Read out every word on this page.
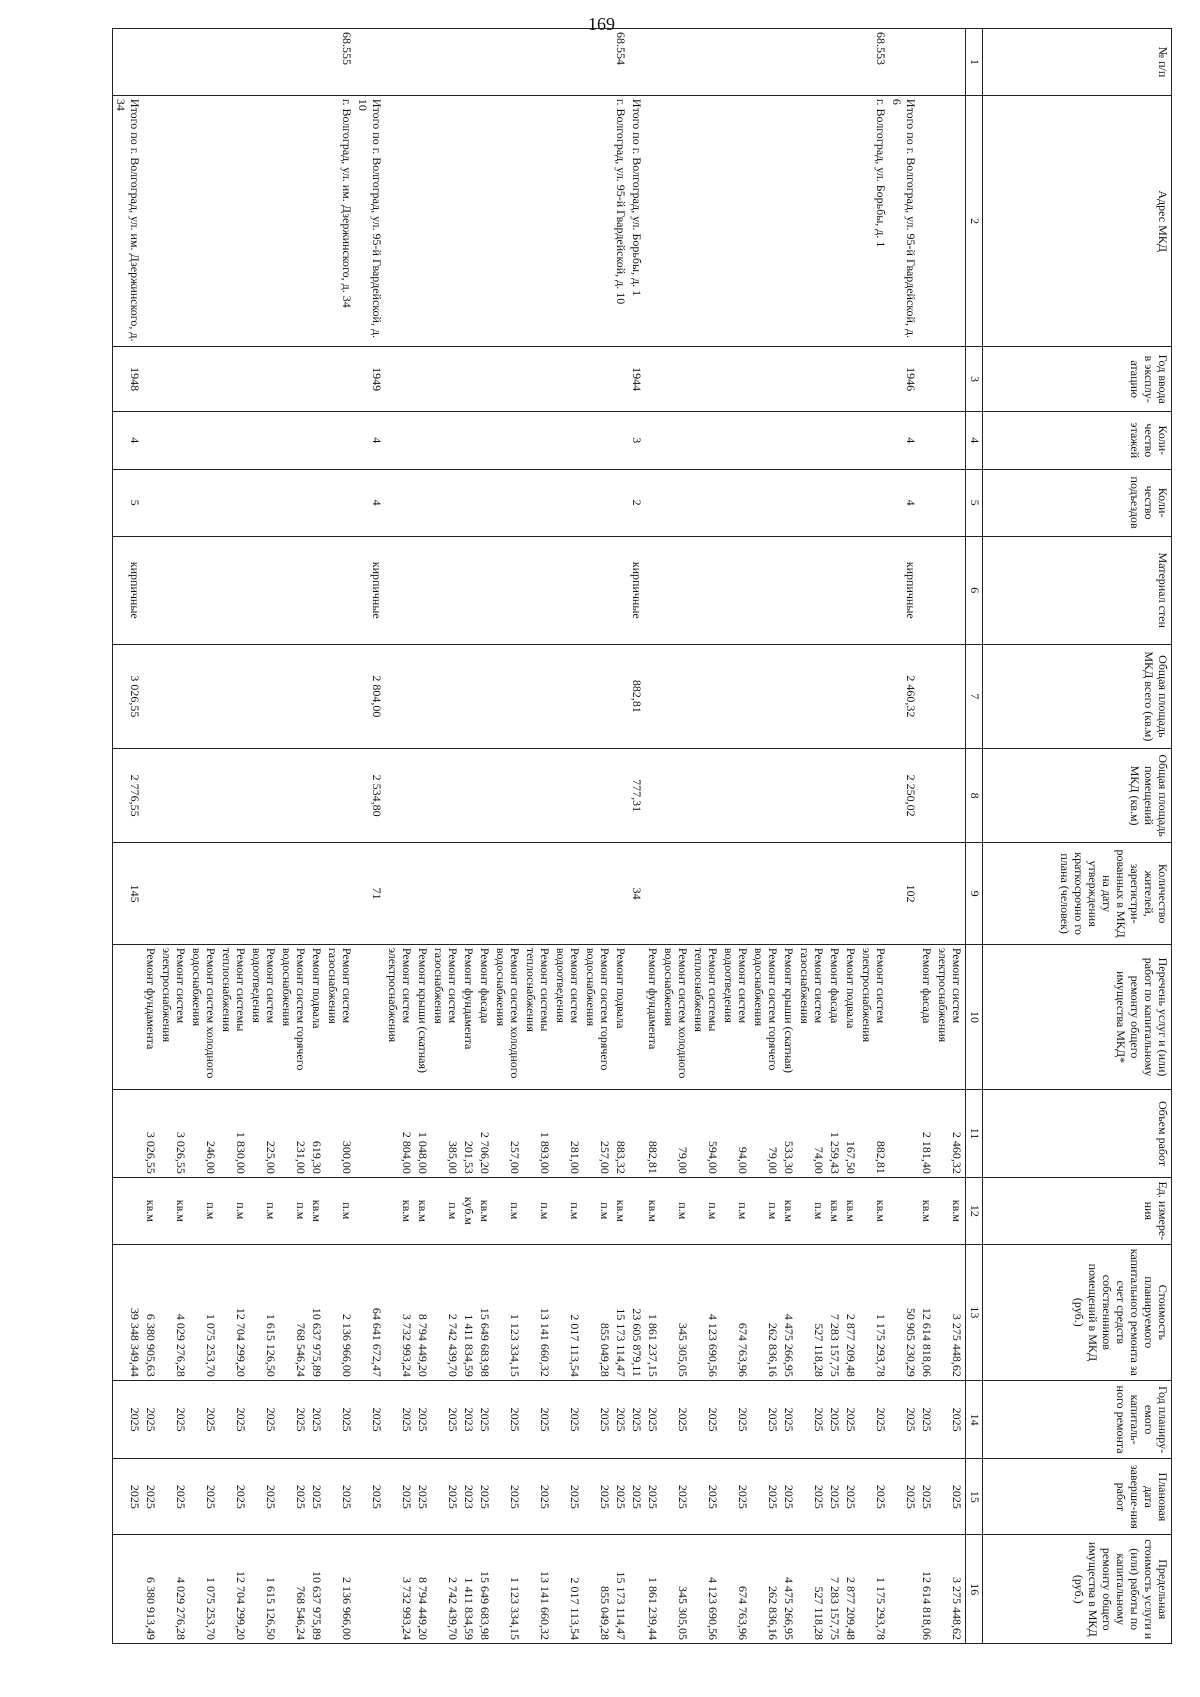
169
№ п/п	Адрес МКД	Год ввода в эксплу-атацию	Коли-чество этажей	Коли-чество подъездов	Материал стен	Общая площадь МКД всего (кв.м)	Общая площадь помещений МКД (кв.м)	Количество жителей, зарегистри-рованных в МКД на дату утверждения краткосрочно го плана (человек)	Перечень услуг и (или) работ по капитальному ремонту общего имущества МКД*	Объем работ	Ед. измере-ния	Стоимость планируемого капитального ремонта за счет средств собственников помещений в МКД (руб.)	Год планиру-емого капиталь-ного ремонта	Плановая дата заверше-ния работ	Предельная стоимость услуги и (или) работы по капитальному ремонту общего имущества в МКД (руб.)
1	2	3	4	5	6	7	8	9	10	11	12	13	14	15	16
									Ремонт систем электроснабжения	2 460,32	кв.м	3 275 448,62	2025	2025	3 275 448,62
									Ремонт фасада	2 181,40	кв.м	12 614 818,06	2025	2025	12 614 818,06
	Итого по г. Волгоград, ул. 95-й Гвардейской, д. 6	1946	4	4	кирпичные	2 460,32	2 250,02	102				50 905 230,29	2025	2025	
68.553	г. Волгоград, ул. Борьбы, д. 1								Ремонт систем электроснабжения	882,81	кв.м	1 175 293,78	2025	2025	1 175 293,78
									Ремонт подвала	167,50	кв.м	2 877 209,48	2025	2025	2 877 209,48
									Ремонт фасада	1 259,43	кв.м	7 283 157,75	2025	2025	7 283 157,75
									Ремонт систем газоснабжения	74,00	п.м	527 118,28	2025	2025	527 118,28
									Ремонт крыши (скатная)	533,30	кв.м	4 475 266,95	2025	2025	4 475 266,95
									Ремонт систем горячего водоснабжения	79,00	п.м	262 836,16	2025	2025	262 836,16
									Ремонт систем водоотведения	94,00	п.м	674 763,96	2025	2025	674 763,96
									Ремонт системы теплоснабжения	594,00	п.м	4 123 690,56	2025	2025	4 123 690,56
									Ремонт систем холодного водоснабжения	79,00	п.м	345 305,05	2025	2025	345 305,05
									Ремонт фундамента	882,81	кв.м	1 861 237,15	2025	2025	1 861 239,44
	Итого по г. Волгоград, ул. Борьбы, д. 1	1944	3	2	кирпичные	882,81	777,31	34				23 605 879,11	2025	2025	
68.554	г. Волгоград, ул. 95-й Гвардейской, д. 10								Ремонт подвала	883,32	кв.м	15 173 114,47	2025	2025	15 173 114,47
									Ремонт систем горячего водоснабжения	257,00	п.м	855 049,28	2025	2025	855 049,28
									Ремонт систем водоотведения	281,00	п.м	2 017 113,54	2025	2025	2 017 113,54
									Ремонт системы теплоснабжения	1 893,00	п.м	13 141 660,32	2025	2025	13 141 660,32
									Ремонт систем холодного водоснабжения	257,00	п.м	1 123 334,15	2025	2025	1 123 334,15
									Ремонт фасада	2 706,20	кв.м	15 649 683,98	2025	2025	15 649 683,98
									Ремонт фундамента	201,53	куб.м	1 411 834,59	2023	2023	1 411 834,59
									Ремонт систем газоснабжения	385,00	п.м	2 742 439,70	2025	2025	2 742 439,70
									Ремонт крыши (скатная)	1 048,00	кв.м	8 794 449,20	2025	2025	8 794 449,20
									Ремонт систем электроснабжения	2 804,00	кв.м	3 732 993,24	2025	2025	3 732 993,24
	Итого по г. Волгоград, ул. 95-й Гвардейской, д. 10	1949	4	4	кирпичные	2 804,00	2 534,80	71				64 641 672,47	2025	2025	
68.555	г. Волгоград, ул. им. Дзержинского, д. 34								Ремонт систем газоснабжения	300,00	п.м	2 136 966,00	2025	2025	2 136 966,00
									Ремонт подвала	619,30	кв.м	10 637 975,89	2025	2025	10 637 975,89
									Ремонт систем горячего водоснабжения	231,00	п.м	768 546,24	2025	2025	768 546,24
									Ремонт систем водоотведения	225,00	п.м	1 615 126,50	2025	2025	1 615 126,50
									Ремонт системы теплоснабжения	1 830,00	п.м	12 704 299,20	2025	2025	12 704 299,20
									Ремонт систем холодного водоснабжения	246,00	п.м	1 075 253,70	2025	2025	1 075 253,70
									Ремонт систем электроснабжения	3 026,55	кв.м	4 029 276,28	2025	2025	4 029 276,28
									Ремонт фундамента	3 026,55	кв.м	6 380 905,63	2025	2025	6 380 913,49
	Итого по г. Волгоград, ул. им. Дзержинского, д. 34	1948	4	5	кирпичные	3 026,55	2 776,55	145				39 348 349,44	2025	2025	
